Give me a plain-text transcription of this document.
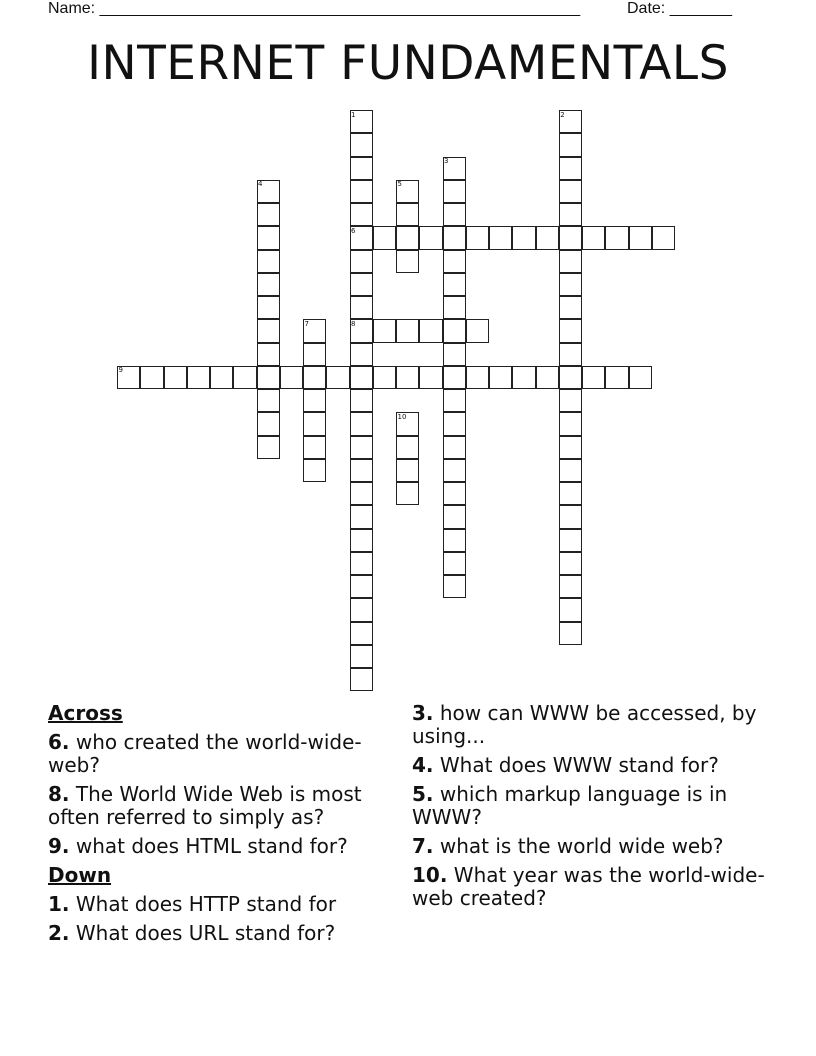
Name: ______________________________________________________	Date: _______
INTERNET FUNDAMENTALS
1	2
3
4	5
6
7	8
9
10
Across
6. who created the world-wide-web?
8. The World Wide Web is most often referred to simply as?
9. what does HTML stand for?
Down
1. What does HTTP stand for
2. What does URL stand for?
3. how can WWW be accessed, by using...
4. What does WWW stand for?
5. which markup language is in WWW?
7. what is the world wide web?
10. What year was the world-wide-web created?
